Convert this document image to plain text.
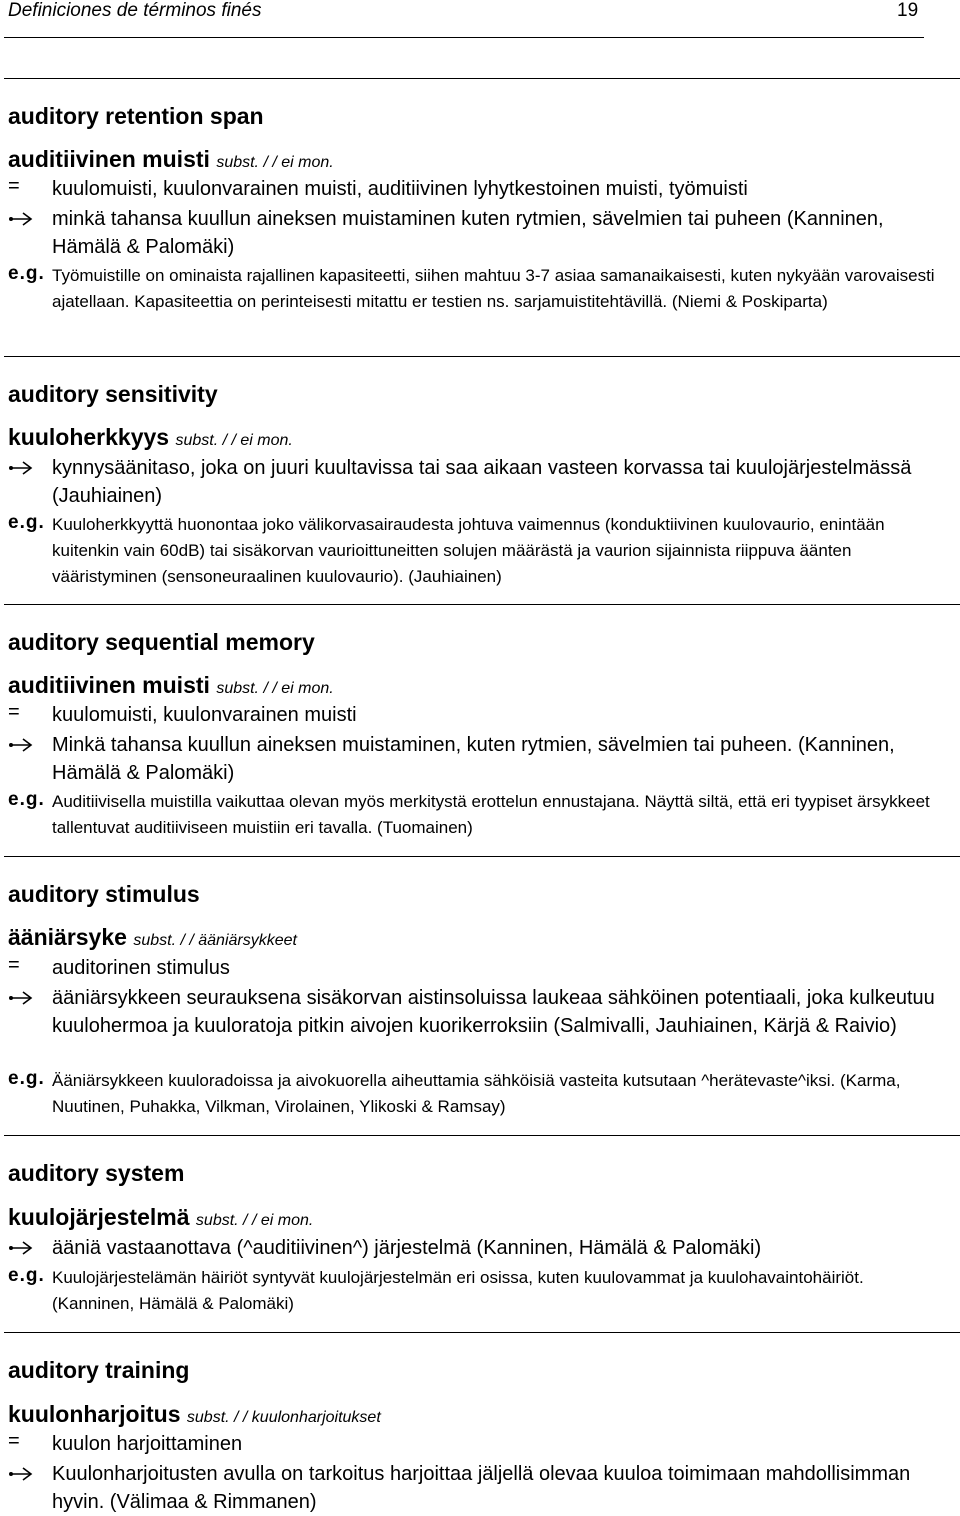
Definiciones de términos finés	19
auditory retention span
auditiivinen muisti subst. / / ei mon.
=	kuulomuisti, kuulonvarainen muisti, auditiivinen lyhytkestoinen muisti, työmuisti
minkä tahansa kuullun aineksen muistaminen kuten rytmien, sävelmien tai puheen (Kanninen, Hämälä & Palomäki)
e.g. Työmuistille on ominaista rajallinen kapasiteetti, siihen mahtuu 3-7 asiaa samanaikaisesti, kuten nykyään varovaisesti ajatellaan. Kapasiteettia on perinteisesti mitattu er testien ns. sarjamuistitehtävillä. (Niemi & Poskiparta)
auditory sensitivity
kuuloherkkyys subst. / / ei mon.
kynnysäänitaso, joka on juuri kuultavissa tai saa aikaan vasteen korvassa tai kuulojärjestelmässä (Jauhiainen)
e.g. Kuuloherkkyyttä huonontaa joko välikorvasairaudesta johtuva vaimennus (konduktiivinen kuulovaurio, enintään kuitenkin vain 60dB) tai sisäkorvan vaurioittuneitten solujen määrästä ja vaurion sijainnista riippuva äänten vääristyminen (sensoneuraalinen kuulovaurio). (Jauhiainen)
auditory sequential memory
auditiivinen muisti subst. / / ei mon.
=	kuulomuisti, kuulonvarainen muisti
Minkä tahansa kuullun aineksen muistaminen, kuten rytmien, sävelmien tai puheen. (Kanninen, Hämälä & Palomäki)
e.g. Auditiivisella muistilla vaikuttaa olevan myös merkitystä erottelun ennustajana. Näyttä siltä, että eri tyypiset ärsykkeet tallentuvat auditiiviseen muistiin eri tavalla. (Tuomainen)
auditory stimulus
ääniärsyke subst. / / ääniärsykkeet
=	auditorinen stimulus
ääniärsykkeen seurauksena sisäkorvan aistinsoluissa laukeaa sähköinen potentiaali, joka kulkeutuu kuulohermoa ja kuuloratoja pitkin aivojen kuorikerroksiin (Salmivalli, Jauhiainen, Kärjä & Raivio)
e.g. Ääniärsykkeen kuuloradoissa ja aivokuorella aiheuttamia sähköisiä vasteita kutsutaan ^herätevaste^iksi. (Karma, Nuutinen, Puhakka, Vilkman, Virolainen, Ylikoski & Ramsay)
auditory system
kuulojärjestelmä subst. / / ei mon.
ääniä vastaanottava (^auditiivinen^) järjestelmä (Kanninen, Hämälä & Palomäki)
e.g. Kuulojärjestelämän häiriöt syntyvät kuulojärjestelmän eri osissa, kuten kuulovammat ja kuulohavaintohäiriöt. (Kanninen, Hämälä & Palomäki)
auditory training
kuulonharjoitus subst. / / kuulonharjoitukset
=	kuulon harjoittaminen
Kuulonharjoitusten avulla on tarkoitus harjoittaa jäljellä olevaa kuuloa toimimaan mahdollisimman hyvin. (Välimaa & Rimmanen)
